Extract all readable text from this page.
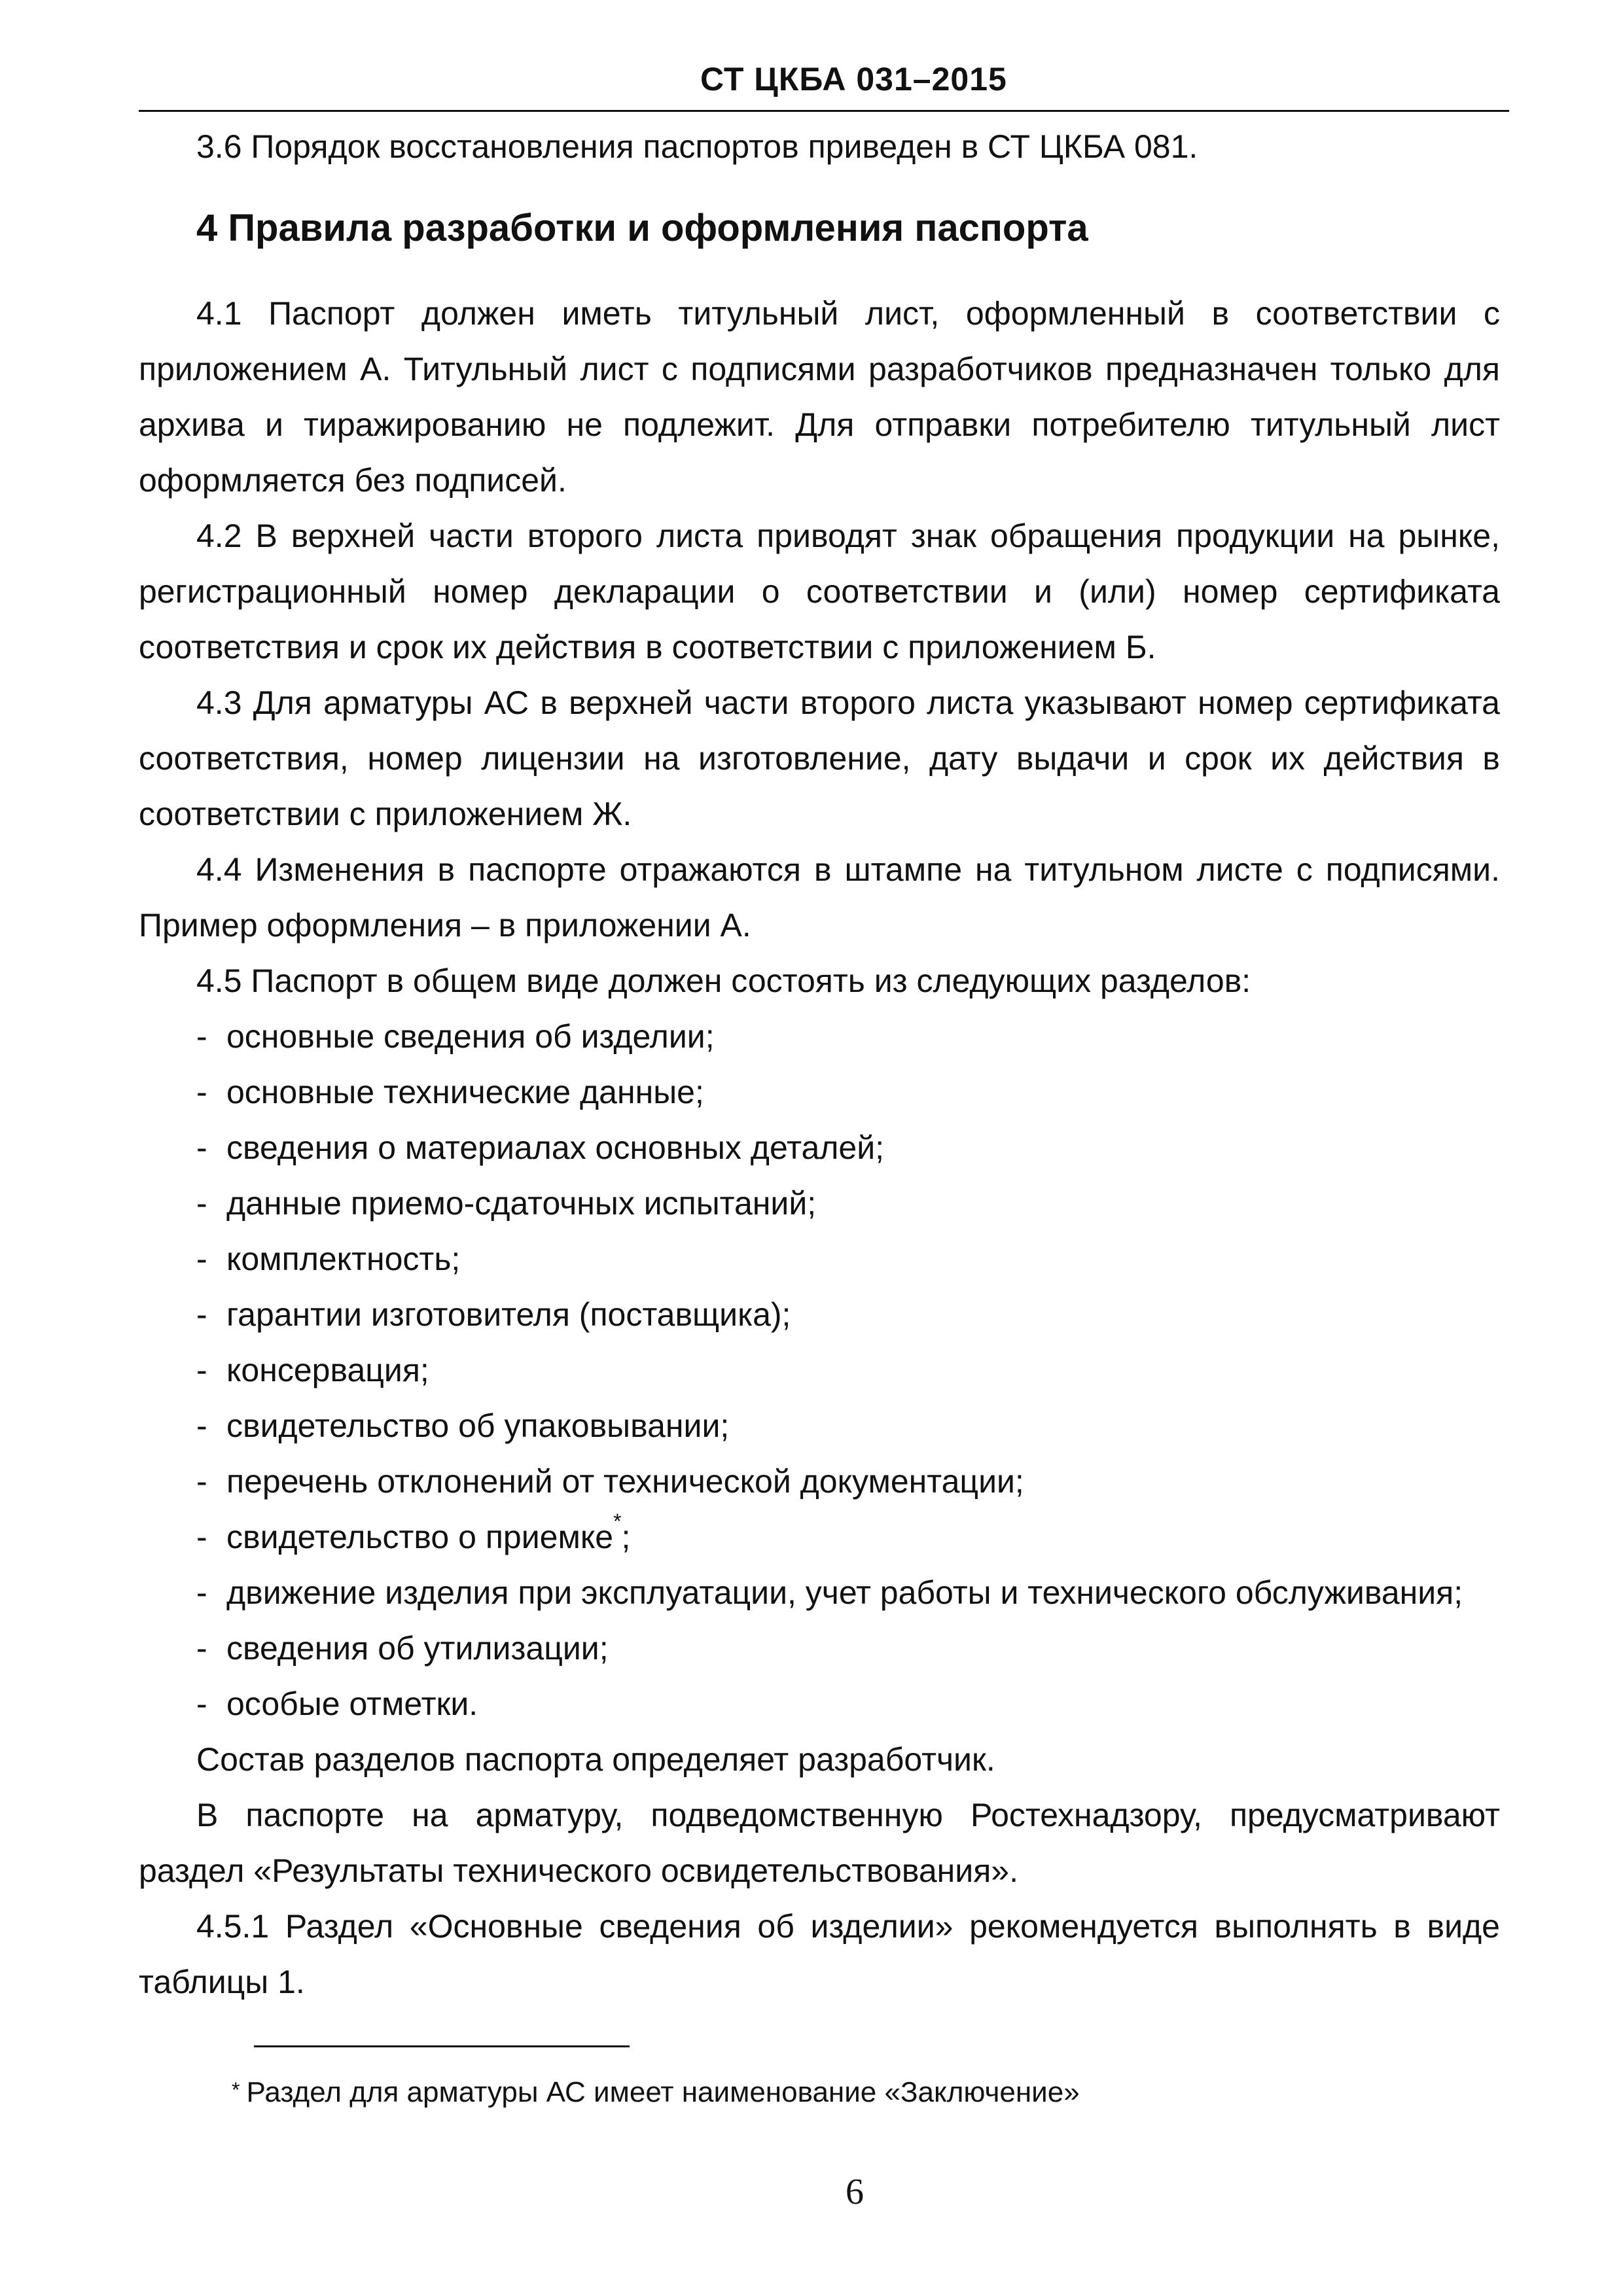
СТ ЦКБА 031–2015

3.6 Порядок восстановления паспортов приведен в СТ ЦКБА 081.

4 Правила разработки и оформления паспорта

4.1 Паспорт должен иметь титульный лист, оформленный в соответствии с приложением А. Титульный лист с подписями разработчиков предназначен только для архива и тиражированию не подлежит. Для отправки потребителю титульный лист оформляется без подписей.

4.2 В верхней части второго листа приводят знак обращения продукции на рынке, регистрационный номер декларации о соответствии и (или) номер сертификата соответствия и срок их действия в соответствии с приложением Б.

4.3 Для арматуры АС в верхней части второго листа указывают номер сертификата соответствия, номер лицензии на изготовление, дату выдачи и срок их действия в соответствии с приложением Ж.

4.4 Изменения в паспорте отражаются в штампе на титульном листе с подписями. Пример оформления – в приложении А.

4.5 Паспорт в общем виде должен состоять из следующих разделов:

- основные сведения об изделии;
- основные технические данные;
- сведения о материалах основных деталей;
- данные приемо-сдаточных испытаний;
- комплектность;
- гарантии изготовителя (поставщика);
- консервация;
- свидетельство об упаковывании;
- перечень отклонений от технической документации;
- свидетельство о приемке*;
- движение изделия при эксплуатации, учет работы и технического обслуживания;
- сведения об утилизации;
- особые отметки.

Состав разделов паспорта определяет разработчик.

В паспорте на арматуру, подведомственную Ростехнадзору, предусматривают раздел «Результаты технического освидетельствования».

4.5.1 Раздел «Основные сведения об изделии» рекомендуется выполнять в виде таблицы 1.

* Раздел для арматуры АС имеет наименование «Заключение»
6
